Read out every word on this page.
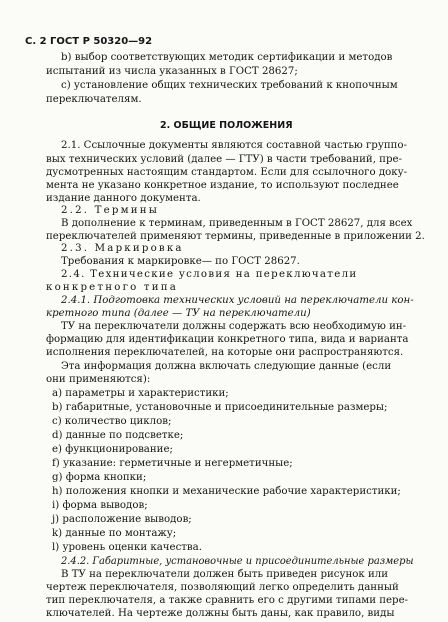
С. 2 ГОСТ Р 50320—92
b) выбор соответствующих методик сертификации и методов
испытаний из числа указанных в ГОСТ 28627;
c) установление общих технических требований к кнопочным
переключателям.
2. ОБЩИЕ ПОЛОЖЕНИЯ
2.1. Ссылочные документы являются составной частью группо-
вых технических условий (далее — ГТУ) в части требований, пре-
дусмотренных настоящим стандартом. Если для ссылочного доку-
мента не указано конкретное издание, то используют последнее
издание данного документа.
2.2. Термины
В дополнение к терминам, приведенным в ГОСТ 28627, для всех
переключателей применяют термины, приведенные в приложении 2.
2.3. Маркировка
Требования к маркировке— по ГОСТ 28627.
2.4. Технические условия на переключатели
конкретного типа
2.4.1. Подготовка технических условий на переключатели кон-
кретного типа (далее — ТУ на переключатели)
ТУ на переключатели должны содержать всю необходимую ин-
формацию для идентификации конкретного типа, вида и варианта
исполнения переключателей, на которые они распространяются.
Эта информация должна включать следующие данные (если
они применяются):
a) параметры и характеристики;
b) габаритные, установочные и присоединительные размеры;
c) количество циклов;
d) данные по подсветке;
e) функционирование;
f) указание: герметичные и негерметичные;
g) форма кнопки;
h) положения кнопки и механические рабочие характеристики;
i) форма выводов;
j) расположение выводов;
k) данные по монтажу;
l) уровень оценки качества.
2.4.2. Габаритные, установочные и присоединительные размеры
В ТУ на переключатели должен быть приведен рисунок или
чертеж переключателя, позволяющий легко определить данный
тип переключателя, а также сравнить его с другими типами пере-
ключателей. На чертеже должны быть даны, как правило, виды
